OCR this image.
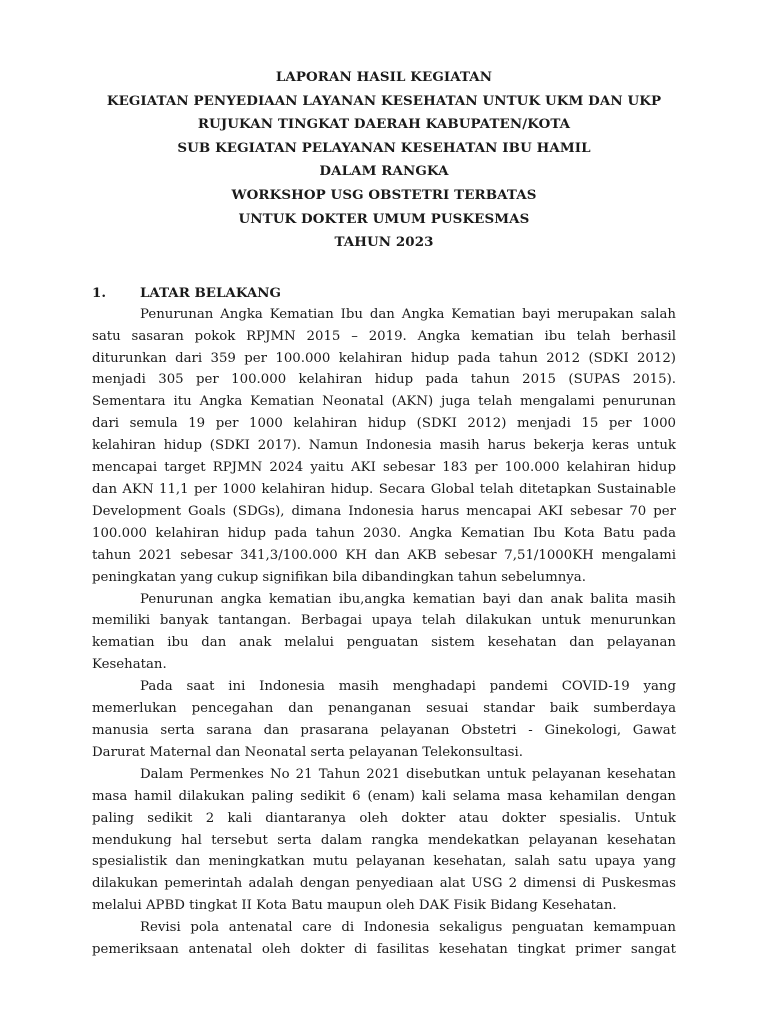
LAPORAN HASIL KEGIATAN
KEGIATAN PENYEDIAAN LAYANAN KESEHATAN UNTUK UKM DAN UKP
RUJUKAN TINGKAT DAERAH KABUPATEN/KOTA
SUB KEGIATAN PELAYANAN KESEHATAN IBU HAMIL
DALAM RANGKA
WORKSHOP USG OBSTETRI TERBATAS
UNTUK DOKTER UMUM PUSKESMAS
TAHUN 2023
1.	LATAR BELAKANG
Penurunan Angka Kematian Ibu dan Angka Kematian bayi merupakan salah
satu sasaran pokok RPJMN 2015 – 2019. Angka kematian ibu telah berhasil
diturunkan dari 359 per 100.000 kelahiran hidup pada tahun 2012 (SDKI 2012)
menjadi 305 per 100.000 kelahiran hidup pada tahun 2015 (SUPAS 2015).
Sementara itu Angka Kematian Neonatal (AKN) juga telah mengalami penurunan
dari semula 19 per 1000 kelahiran hidup (SDKI 2012) menjadi 15 per 1000
kelahiran hidup (SDKI 2017). Namun Indonesia masih harus bekerja keras untuk
mencapai target RPJMN 2024 yaitu AKI sebesar 183 per 100.000 kelahiran hidup
dan AKN 11,1 per 1000 kelahiran hidup. Secara Global telah ditetapkan Sustainable
Development Goals (SDGs), dimana Indonesia harus mencapai AKI sebesar 70 per
100.000 kelahiran hidup pada tahun 2030. Angka Kematian Ibu Kota Batu pada
tahun 2021 sebesar 341,3/100.000 KH dan AKB sebesar 7,51/1000KH mengalami
peningkatan yang cukup signifikan bila dibandingkan tahun sebelumnya.
Penurunan angka kematian ibu,angka kematian bayi dan anak balita masih
memiliki banyak tantangan. Berbagai upaya telah dilakukan untuk menurunkan
kematian ibu dan anak melalui penguatan sistem kesehatan dan pelayanan
Kesehatan.
Pada saat ini Indonesia masih menghadapi pandemi COVID-19 yang
memerlukan pencegahan dan penanganan sesuai standar baik sumberdaya
manusia serta sarana dan prasarana pelayanan Obstetri - Ginekologi, Gawat
Darurat Maternal dan Neonatal serta pelayanan Telekonsultasi.
Dalam Permenkes No 21 Tahun 2021 disebutkan untuk pelayanan kesehatan
masa hamil dilakukan paling sedikit 6 (enam) kali selama masa kehamilan dengan
paling sedikit 2 kali diantaranya oleh dokter atau dokter spesialis. Untuk
mendukung hal tersebut serta dalam rangka mendekatkan pelayanan kesehatan
spesialistik dan meningkatkan mutu pelayanan kesehatan, salah satu upaya yang
dilakukan pemerintah adalah dengan penyediaan alat USG 2 dimensi di Puskesmas
melalui APBD tingkat II Kota Batu maupun oleh DAK Fisik Bidang Kesehatan.
Revisi pola antenatal care di Indonesia sekaligus penguatan kemampuan
pemeriksaan antenatal oleh dokter di fasilitas kesehatan tingkat primer sangat
